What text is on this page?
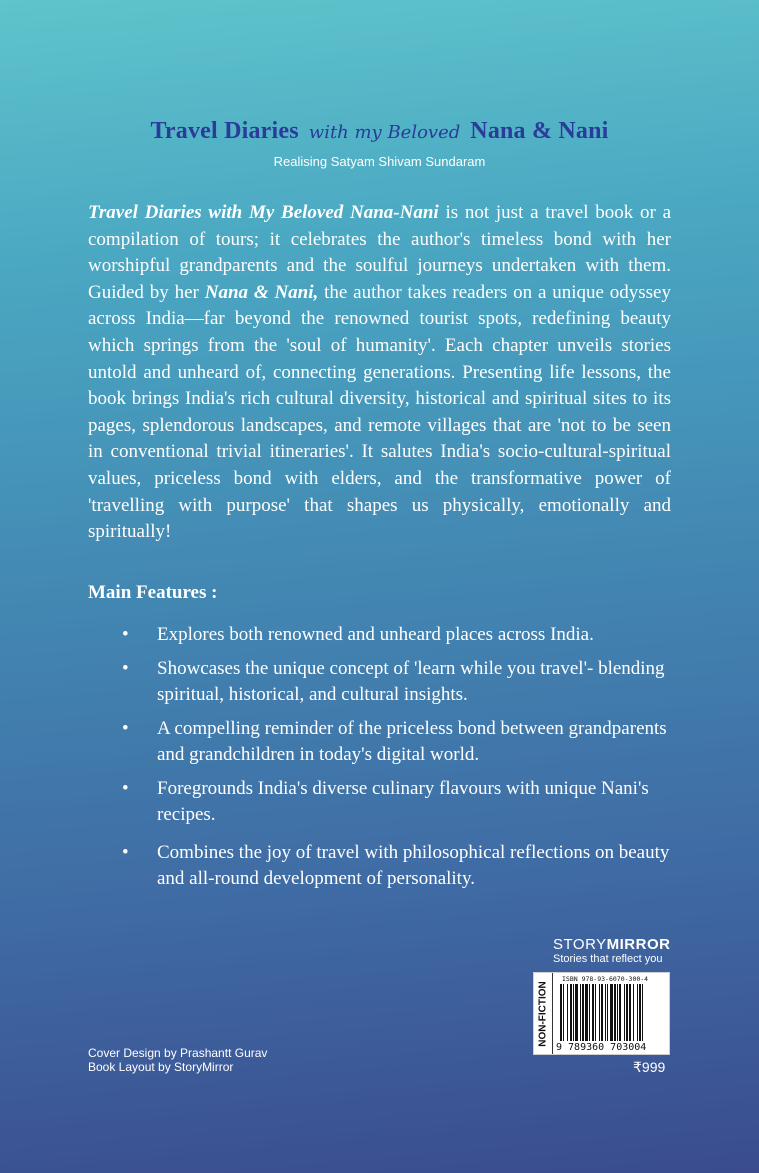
Travel Diaries with my Beloved Nana & Nani
Realising Satyam Shivam Sundaram

Travel Diaries with My Beloved Nana-Nani is not just a travel book or a compilation of tours; it celebrates the author's timeless bond with her worshipful grandparents and the soulful journeys undertaken with them. Guided by her Nana & Nani, the author takes readers on a unique odyssey across India—far beyond the renowned tourist spots, redefining beauty which springs from the 'soul of humanity'. Each chapter unveils stories untold and unheard of, connecting generations. Presenting life lessons, the book brings India's rich cultural diversity, historical and spiritual sites to its pages, splendorous landscapes, and remote villages that are 'not to be seen in conventional trivial itineraries'. It salutes India's socio-cultural-spiritual values, priceless bond with elders, and the transformative power of 'travelling with purpose' that shapes us physically, emotionally and spiritually!

Main Features :
• Explores both renowned and unheard places across India.
• Showcases the unique concept of 'learn while you travel'- blending spiritual, historical, and cultural insights.
• A compelling reminder of the priceless bond between grandparents and grandchildren in today's digital world.
• Foregrounds India's diverse culinary flavours with unique Nani's recipes.
• Combines the joy of travel with philosophical reflections on beauty and all-round development of personality.
Cover Design by Prashantt Gurav
Book Layout by StoryMirror
STORYMIRROR
Stories that reflect you
NON-FICTION
ISBN 978-93-6070-300-4
9 789360 703004
₹999
